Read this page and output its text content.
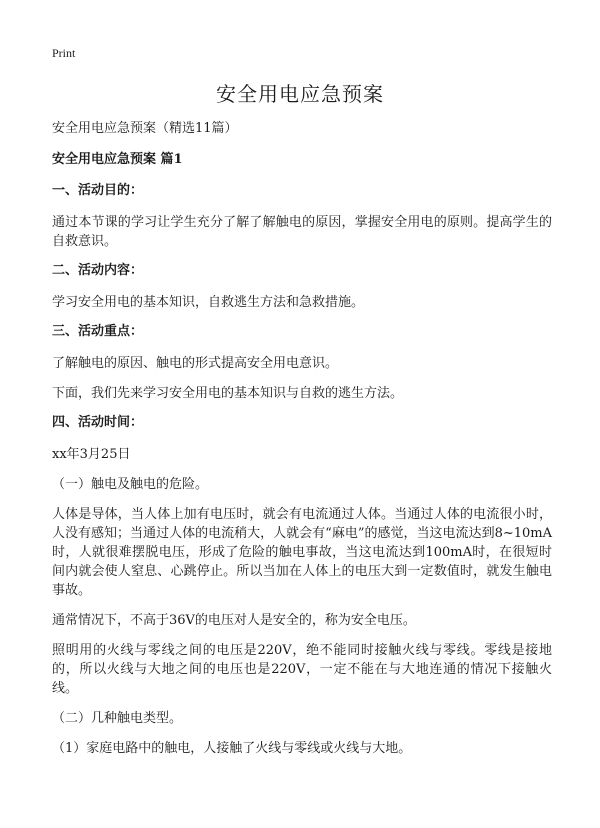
Print
安全用电应急预案

安全用电应急预案（精选11篇）

安全用电应急预案 篇1

一、活动目的：

通过本节课的学习让学生充分了解了解触电的原因，掌握安全用电的原则。提高学生的自救意识。

二、活动内容：

学习安全用电的基本知识，自救逃生方法和急救措施。

三、活动重点：

了解触电的原因、触电的形式提高安全用电意识。

下面，我们先来学习安全用电的基本知识与自救的逃生方法。

四、活动时间：

xx年3月25日

（一）触电及触电的危险。

人体是导体，当人体上加有电压时，就会有电流通过人体。当通过人体的电流很小时，人没有感知；当通过人体的电流稍大，人就会有“麻电”的感觉，当这电流达到8~10mA时，人就很难摆脱电压，形成了危险的触电事故，当这电流达到100mA时，在很短时间内就会使人窒息、心跳停止。所以当加在人体上的电压大到一定数值时，就发生触电事故。

通常情况下，不高于36V的电压对人是安全的，称为安全电压。

照明用的火线与零线之间的电压是220V，绝不能同时接触火线与零线。零线是接地的，所以火线与大地之间的电压也是220V，一定不能在与大地连通的情况下接触火线。

（二）几种触电类型。

（1）家庭电路中的触电，人接触了火线与零线或火线与大地。
